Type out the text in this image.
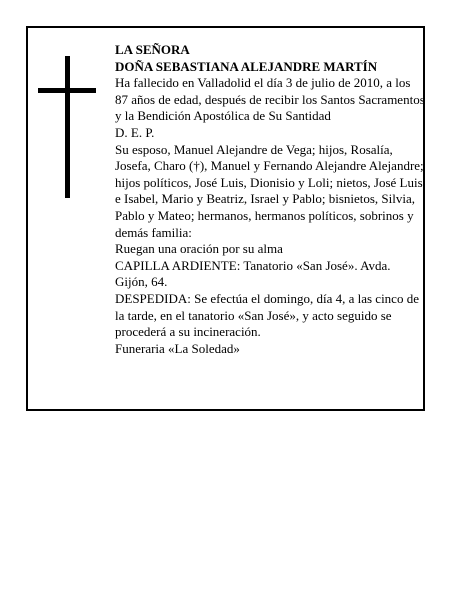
LA SEÑORA

DOÑA SEBASTIANA ALEJANDRE MARTÍN

Ha fallecido en Valladolid el día 3 de julio de 2010, a los 87 años de edad, después de recibir los Santos Sacramentos y la Bendición Apostólica de Su Santidad

D. E. P.

Su esposo, Manuel Alejandre de Vega; hijos, Rosalía, Josefa, Charo (†), Manuel y Fernando Alejandre Alejandre; hijos políticos, José Luis, Dionisio y Loli; nietos, José Luis e Isabel, Mario y Beatriz, Israel y Pablo; bisnietos, Silvia, Pablo y Mateo; hermanos, hermanos políticos, sobrinos y demás familia:

Ruegan una oración por su alma

CAPILLA ARDIENTE: Tanatorio «San José». Avda. Gijón, 64.

DESPEDIDA: Se efectúa el domingo, día 4, a las cinco de la tarde, en el tanatorio «San José», y acto seguido se procederá a su incineración.

Funeraria «La Soledad»
